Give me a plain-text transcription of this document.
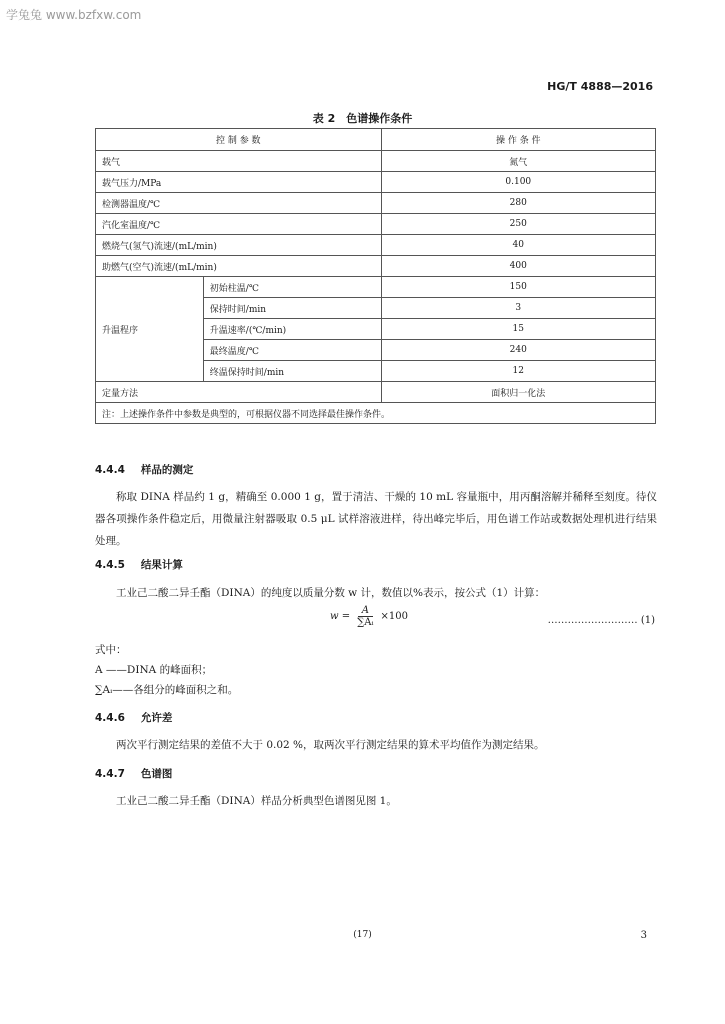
学兔兔 www.bzfxw.com
HG/T 4888—2016
表 2　色谱操作条件
控 制 参 数		操 作 条 件
载气		氮气
载气压力/MPa		0.100
检测器温度/℃		280
汽化室温度/℃		250
燃烧气(氢气)流速/(mL/min)		40
助燃气(空气)流速/(mL/min)		400
升温程序	初始柱温/℃	150
	保持时间/min	3
	升温速率/(℃/min)	15
	最终温度/℃	240
	终温保持时间/min	12
定量方法		面积归一化法
注：上述操作条件中参数是典型的，可根据仪器不同选择最佳操作条件。		
4.4.4 样品的测定
称取 DINA 样品约 1 g，精确至 0.000 1 g，置于清洁、干燥的 10 mL 容量瓶中，用丙酮溶解并稀释至刻度。待仪器各项操作条件稳定后，用微量注射器吸取 0.5 μL 试样溶液进样，待出峰完毕后，用色谱工作站或数据处理机进行结果处理。
4.4.5 结果计算
工业己二酸二异壬酯（DINA）的纯度以质量分数 w 计，数值以%表示，按公式（1）计算：
$w = \frac{A}{\text{∑Aᵢ}} \times 100$	……………………… (1)
式中：
A ——DINA 的峰面积；
∑Aᵢ——各组分的峰面积之和。
4.4.6 允许差
两次平行测定结果的差值不大于 0.02 %，取两次平行测定结果的算术平均值作为测定结果。
4.4.7 色谱图
工业己二酸二异壬酯（DINA）样品分析典型色谱图见图 1。
(17)	3
